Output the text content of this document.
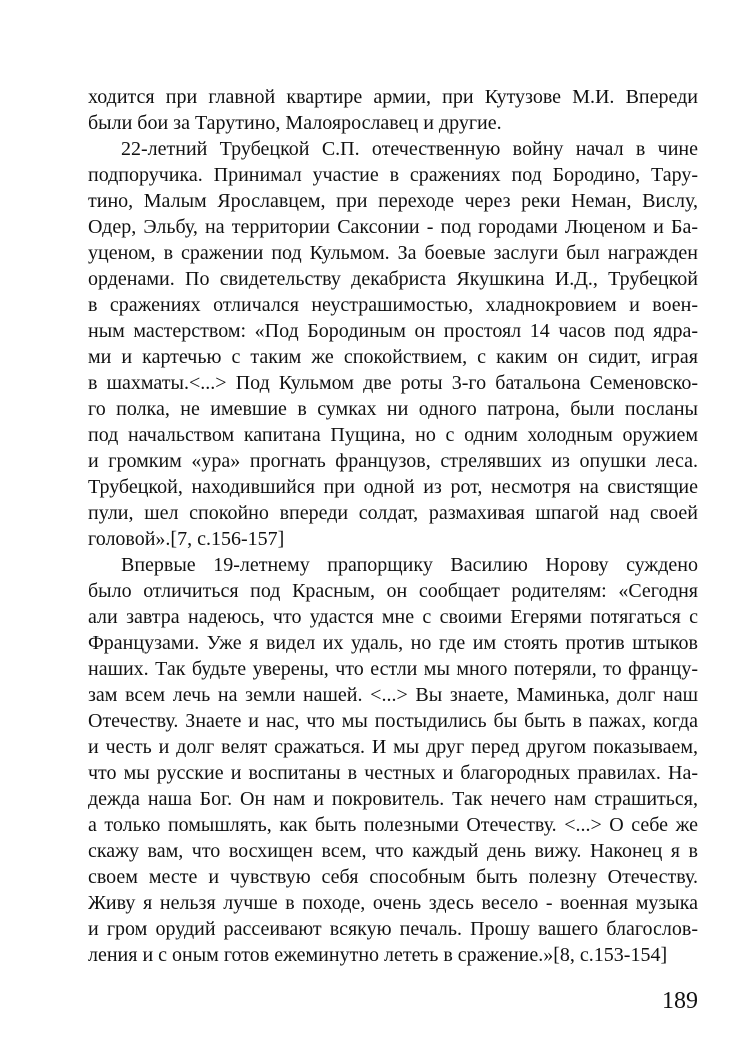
ходится при главной квартире армии, при Кутузове М.И. Впереди
были бои за Тарутино, Малоярославец и другие.
22-летний Трубецкой С.П. отечественную войну начал в чине
подпоручика. Принимал участие в сражениях под Бородино, Тару-
тино, Малым Ярославцем, при переходе через реки Неман, Вислу,
Одер, Эльбу, на территории Саксонии - под городами Люценом и Ба-
уценом, в сражении под Кульмом. За боевые заслуги был награжден
орденами. По свидетельству декабриста Якушкина И.Д., Трубецкой
в сражениях отличался неустрашимостью, хладнокровием и воен-
ным мастерством: «Под Бородиным он простоял 14 часов под ядра-
ми и картечью с таким же спокойствием, с каким он сидит, играя
в шахматы.<...> Под Кульмом две роты 3-го батальона Семеновско-
го полка, не имевшие в сумках ни одного патрона, были посланы
под начальством капитана Пущина, но с одним холодным оружием
и громким «ура» прогнать французов, стрелявших из опушки леса.
Трубецкой, находившийся при одной из рот, несмотря на свистящие
пули, шел спокойно впереди солдат, размахивая шпагой над своей
головой».[7, с.156-157]
Впервые 19-летнему прапорщику Василию Норову суждено
было отличиться под Красным, он сообщает родителям: «Сегодня
али завтра надеюсь, что удастся мне с своими Егерями потягаться с
Французами. Уже я видел их удаль, но где им стоять против штыков
наших. Так будьте уверены, что естли мы много потеряли, то францу-
зам всем лечь на земли нашей. <...> Вы знаете, Маминька, долг наш
Отечеству. Знаете и нас, что мы постыдились бы быть в пажах, когда
и честь и долг велят сражаться. И мы друг перед другом показываем,
что мы русские и воспитаны в честных и благородных правилах. На-
дежда наша Бог. Он нам и покровитель. Так нечего нам страшиться,
а только помышлять, как быть полезными Отечеству. <...> О себе же
скажу вам, что восхищен всем, что каждый день вижу. Наконец я в
своем месте и чувствую себя способным быть полезну Отечеству.
Живу я нельзя лучше в походе, очень здесь весело - военная музыка
и гром орудий рассеивают всякую печаль. Прошу вашего благослов-
ления и с оным готов ежеминутно лететь в сражение.»[8, с.153-154]
189
